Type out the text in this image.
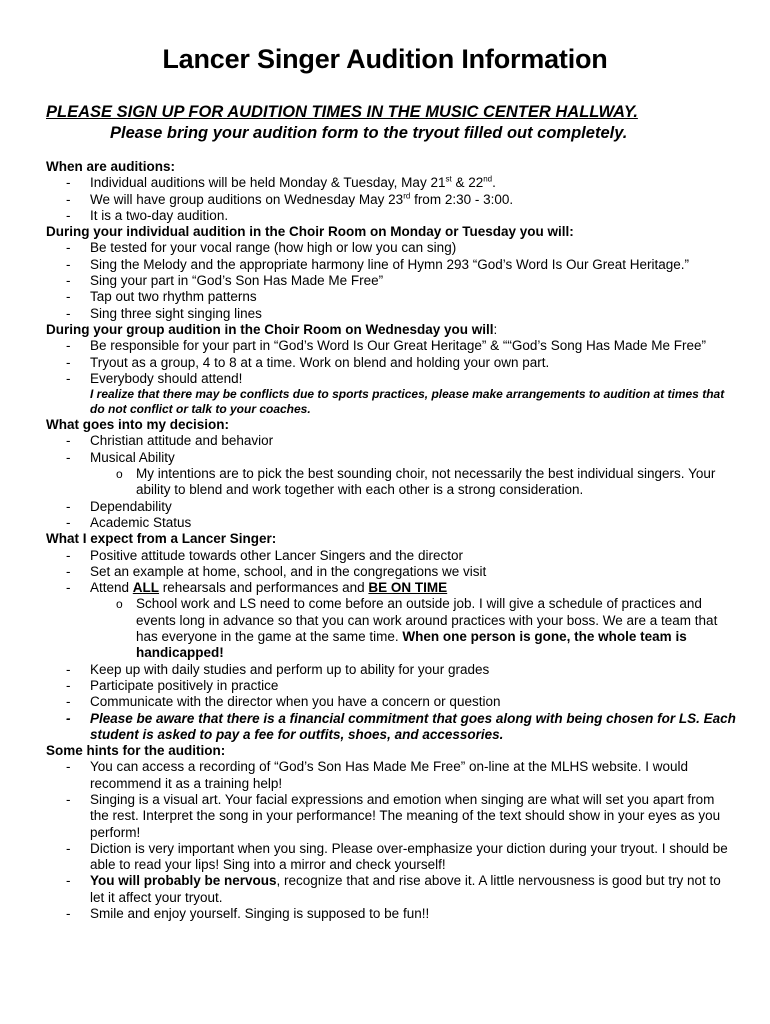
Lancer Singer Audition Information
PLEASE SIGN UP FOR AUDITION TIMES IN THE MUSIC CENTER HALLWAY.
Please bring your audition form to the tryout filled out completely.
When are auditions:
- Individual auditions will be held Monday & Tuesday, May 21st & 22nd.
- We will have group auditions on Wednesday May 23rd from 2:30 - 3:00.
- It is a two-day audition.
During your individual audition in the Choir Room on Monday or Tuesday you will:
- Be tested for your vocal range (how high or low you can sing)
- Sing the Melody and the appropriate harmony line of Hymn 293 “God’s Word Is Our Great Heritage.”
- Sing your part in “God’s Son Has Made Me Free”
- Tap out two rhythm patterns
- Sing three sight singing lines
During your group audition in the Choir Room on Wednesday you will:
- Be responsible for your part in “God’s Word Is Our Great Heritage” & ““God’s Song Has Made Me Free”
- Tryout as a group, 4 to 8 at a time. Work on blend and holding your own part.
- Everybody should attend!
I realize that there may be conflicts due to sports practices, please make arrangements to audition at times that do not conflict or talk to your coaches.
What goes into my decision:
- Christian attitude and behavior
- Musical Ability
o My intentions are to pick the best sounding choir, not necessarily the best individual singers. Your ability to blend and work together with each other is a strong consideration.
- Dependability
- Academic Status
What I expect from a Lancer Singer:
- Positive attitude towards other Lancer Singers and the director
- Set an example at home, school, and in the congregations we visit
- Attend ALL rehearsals and performances and BE ON TIME
o School work and LS need to come before an outside job. I will give a schedule of practices and events long in advance so that you can work around practices with your boss. We are a team that has everyone in the game at the same time. When one person is gone, the whole team is handicapped!
- Keep up with daily studies and perform up to ability for your grades
- Participate positively in practice
- Communicate with the director when you have a concern or question
- Please be aware that there is a financial commitment that goes along with being chosen for LS. Each student is asked to pay a fee for outfits, shoes, and accessories.
Some hints for the audition:
- You can access a recording of “God’s Son Has Made Me Free” on-line at the MLHS website. I would recommend it as a training help!
- Singing is a visual art. Your facial expressions and emotion when singing are what will set you apart from the rest. Interpret the song in your performance! The meaning of the text should show in your eyes as you perform!
- Diction is very important when you sing. Please over-emphasize your diction during your tryout. I should be able to read your lips! Sing into a mirror and check yourself!
- You will probably be nervous, recognize that and rise above it. A little nervousness is good but try not to let it affect your tryout.
- Smile and enjoy yourself. Singing is supposed to be fun!!
